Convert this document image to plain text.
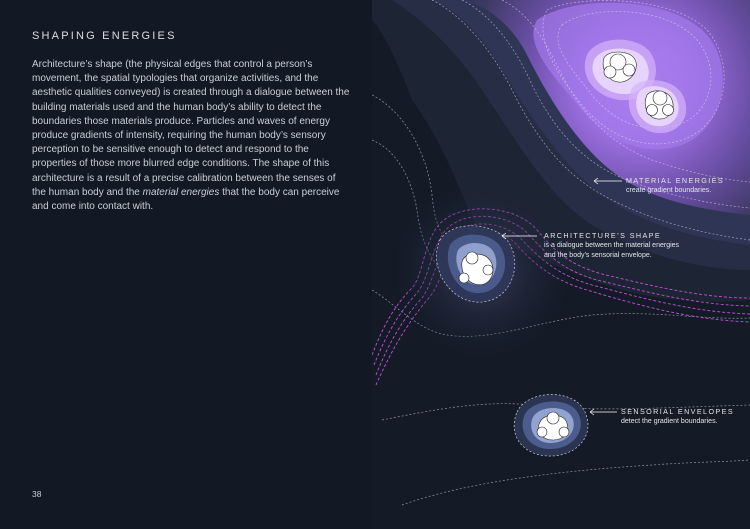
SHAPING ENERGIES
Architecture’s shape (the physical edges that control a person’s movement, the spatial typologies that organize activities, and the aesthetic qualities conveyed) is created through a dialogue between the building materials used and the human body’s ability to detect the boundaries those materials produce. Particles and waves of energy produce gradients of intensity, requiring the human body’s sensory perception to be sensitive enough to detect and respond to the properties of those more blurred edge conditions. The shape of this architecture is a result of a precise calibration between the senses of the human body and the material energies that the body can perceive and come into contact with.
38
MATERIAL ENERGIES
create gradient boundaries.
ARCHITECTURE’S SHAPE
is a dialogue between the material energies
and the body’s sensorial envelope.
SENSORIAL ENVELOPES
detect the gradient boundaries.
